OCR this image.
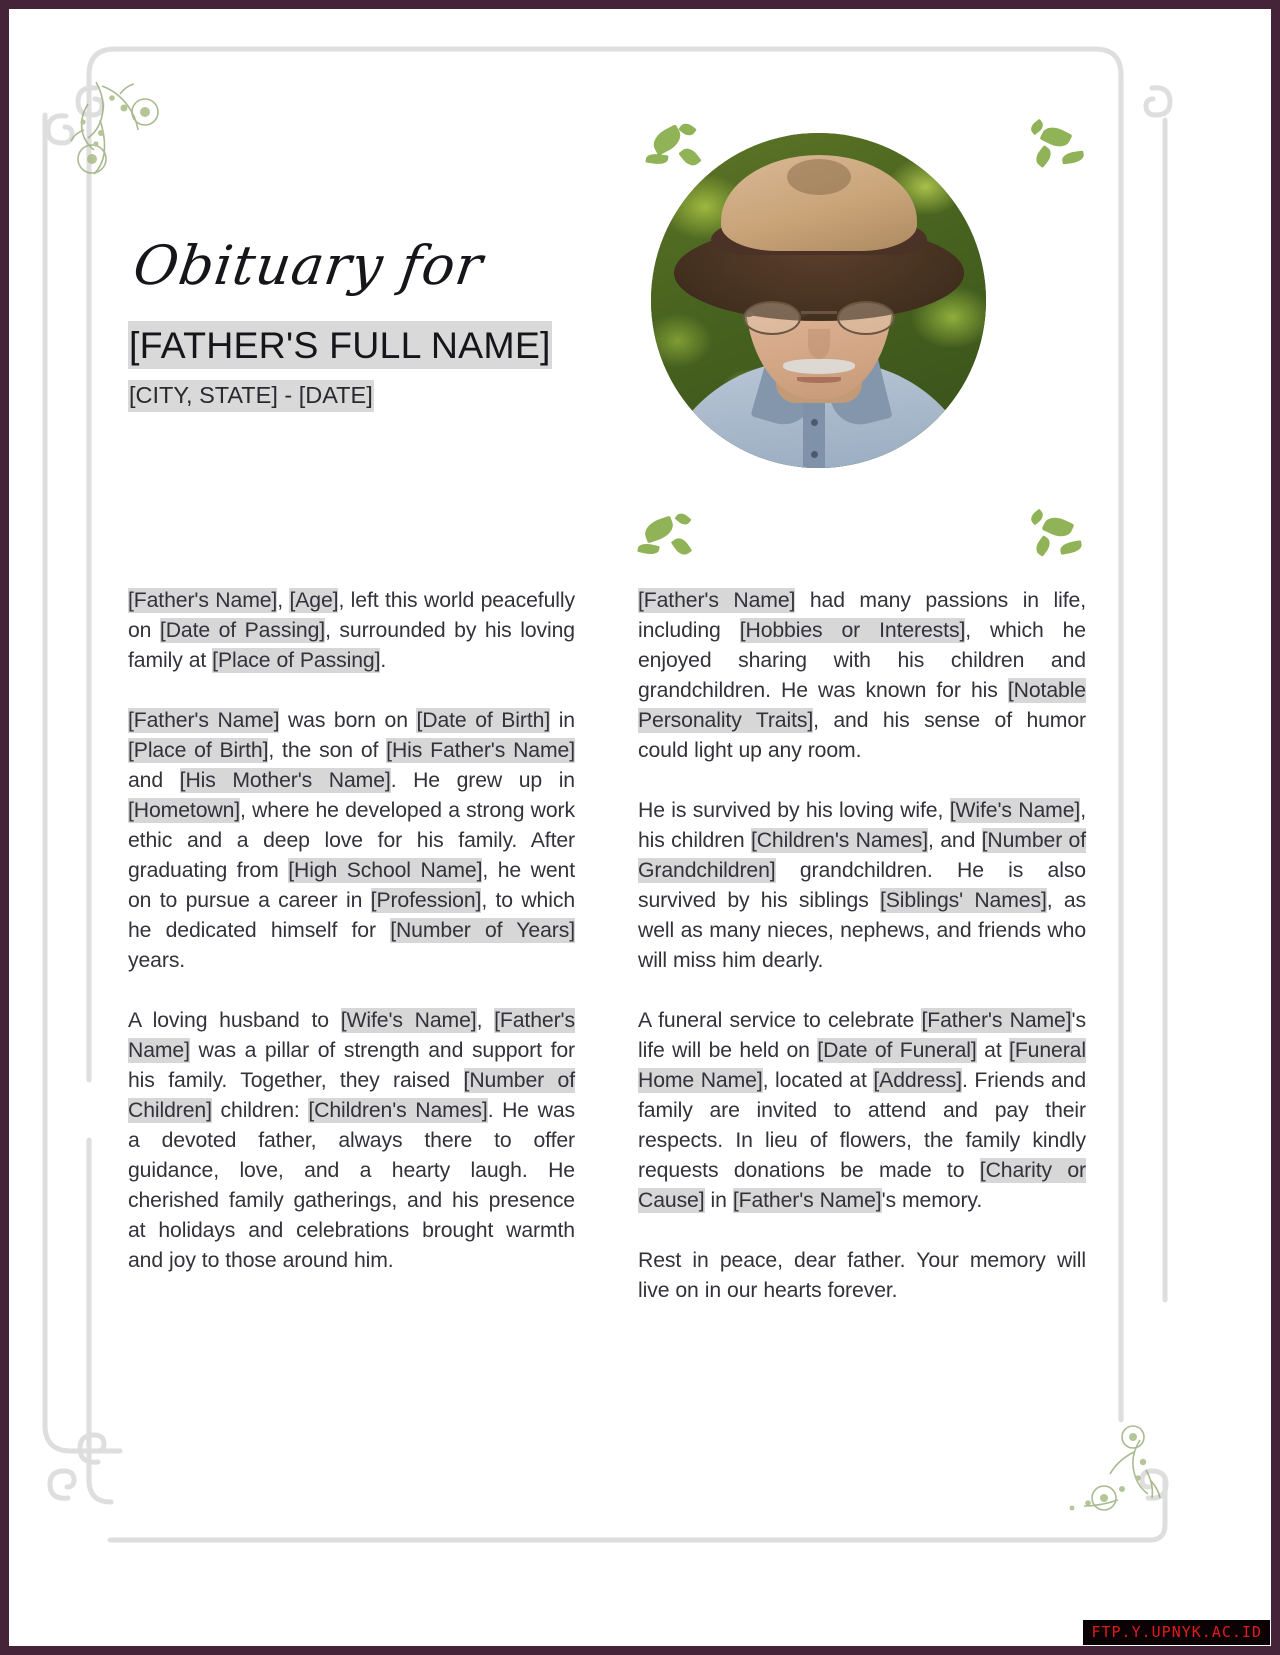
Obituary for
[FATHER'S FULL NAME]
[CITY, STATE] - [DATE]

[Father's Name], [Age], left this world peacefully on [Date of Passing], surrounded by his loving family at [Place of Passing].

[Father's Name] was born on [Date of Birth] in [Place of Birth], the son of [His Father's Name] and [His Mother's Name]. He grew up in [Hometown], where he developed a strong work ethic and a deep love for his family. After graduating from [High School Name], he went on to pursue a career in [Profession], to which he dedicated himself for [Number of Years] years.

A loving husband to [Wife's Name], [Father's Name] was a pillar of strength and support for his family. Together, they raised [Number of Children] children: [Children's Names]. He was a devoted father, always there to offer guidance, love, and a hearty laugh. He cherished family gatherings, and his presence at holidays and celebrations brought warmth and joy to those around him.

[Father's Name] had many passions in life, including [Hobbies or Interests], which he enjoyed sharing with his children and grandchildren. He was known for his [Notable Personality Traits], and his sense of humor could light up any room.

He is survived by his loving wife, [Wife's Name], his children [Children's Names], and [Number of Grandchildren] grandchildren. He is also survived by his siblings [Siblings' Names], as well as many nieces, nephews, and friends who will miss him dearly.

A funeral service to celebrate [Father's Name]'s life will be held on [Date of Funeral] at [Funeral Home Name], located at [Address]. Friends and family are invited to attend and pay their respects. In lieu of flowers, the family kindly requests donations be made to [Charity or Cause] in [Father's Name]'s memory.

Rest in peace, dear father. Your memory will live on in our hearts forever.

FTP.Y.UPNYK.AC.ID
